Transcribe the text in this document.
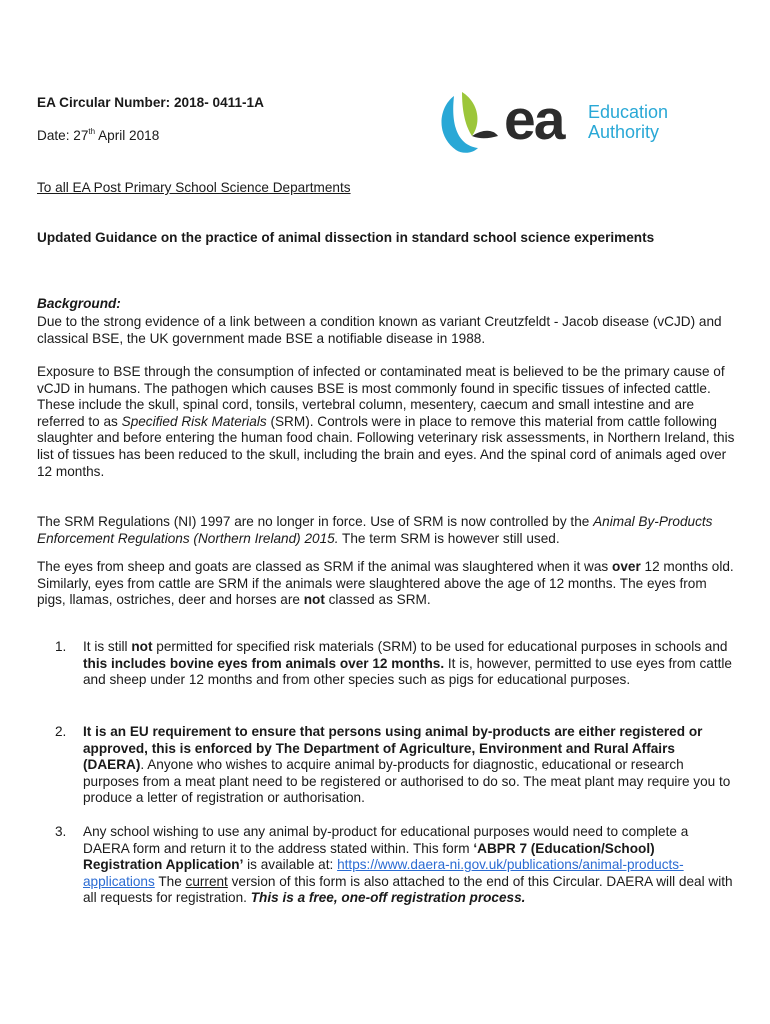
ea Education
Authority

EA Circular Number: 2018- 0411-1A

Date: 27th April 2018

To all EA Post Primary School Science Departments

Updated Guidance on the practice of animal dissection in standard school science experiments

Background:

Due to the strong evidence of a link between a condition known as variant Creutzfeldt - Jacob disease (vCJD) and classical BSE, the UK government made BSE a notifiable disease in 1988.

Exposure to BSE through the consumption of infected or contaminated meat is believed to be the primary cause of vCJD in humans. The pathogen which causes BSE is most commonly found in specific tissues of infected cattle. These include the skull, spinal cord, tonsils, vertebral column, mesentery, caecum and small intestine and are referred to as Specified Risk Materials (SRM). Controls were in place to remove this material from cattle following slaughter and before entering the human food chain. Following veterinary risk assessments, in Northern Ireland, this list of tissues has been reduced to the skull, including the brain and eyes. And the spinal cord of animals aged over 12 months.

The SRM Regulations (NI) 1997 are no longer in force. Use of SRM is now controlled by the Animal By-Products Enforcement Regulations (Northern Ireland) 2015. The term SRM is however still used.

The eyes from sheep and goats are classed as SRM if the animal was slaughtered when it was over 12 months old. Similarly, eyes from cattle are SRM if the animals were slaughtered above the age of 12 months. The eyes from pigs, llamas, ostriches, deer and horses are not classed as SRM.

1. It is still not permitted for specified risk materials (SRM) to be used for educational purposes in schools and this includes bovine eyes from animals over 12 months. It is, however, permitted to use eyes from cattle and sheep under 12 months and from other species such as pigs for educational purposes.
2. It is an EU requirement to ensure that persons using animal by-products are either registered or approved, this is enforced by The Department of Agriculture, Environment and Rural Affairs (DAERA). Anyone who wishes to acquire animal by-products for diagnostic, educational or research purposes from a meat plant need to be registered or authorised to do so. The meat plant may require you to produce a letter of registration or authorisation.
3. Any school wishing to use any animal by-product for educational purposes would need to complete a DAERA form and return it to the address stated within. This form ‘ABPR 7 (Education/School) Registration Application’ is available at: https://www.daera-ni.gov.uk/publications/animal-products-applications The current version of this form is also attached to the end of this Circular. DAERA will deal with all requests for registration. This is a free, one-off registration process.
